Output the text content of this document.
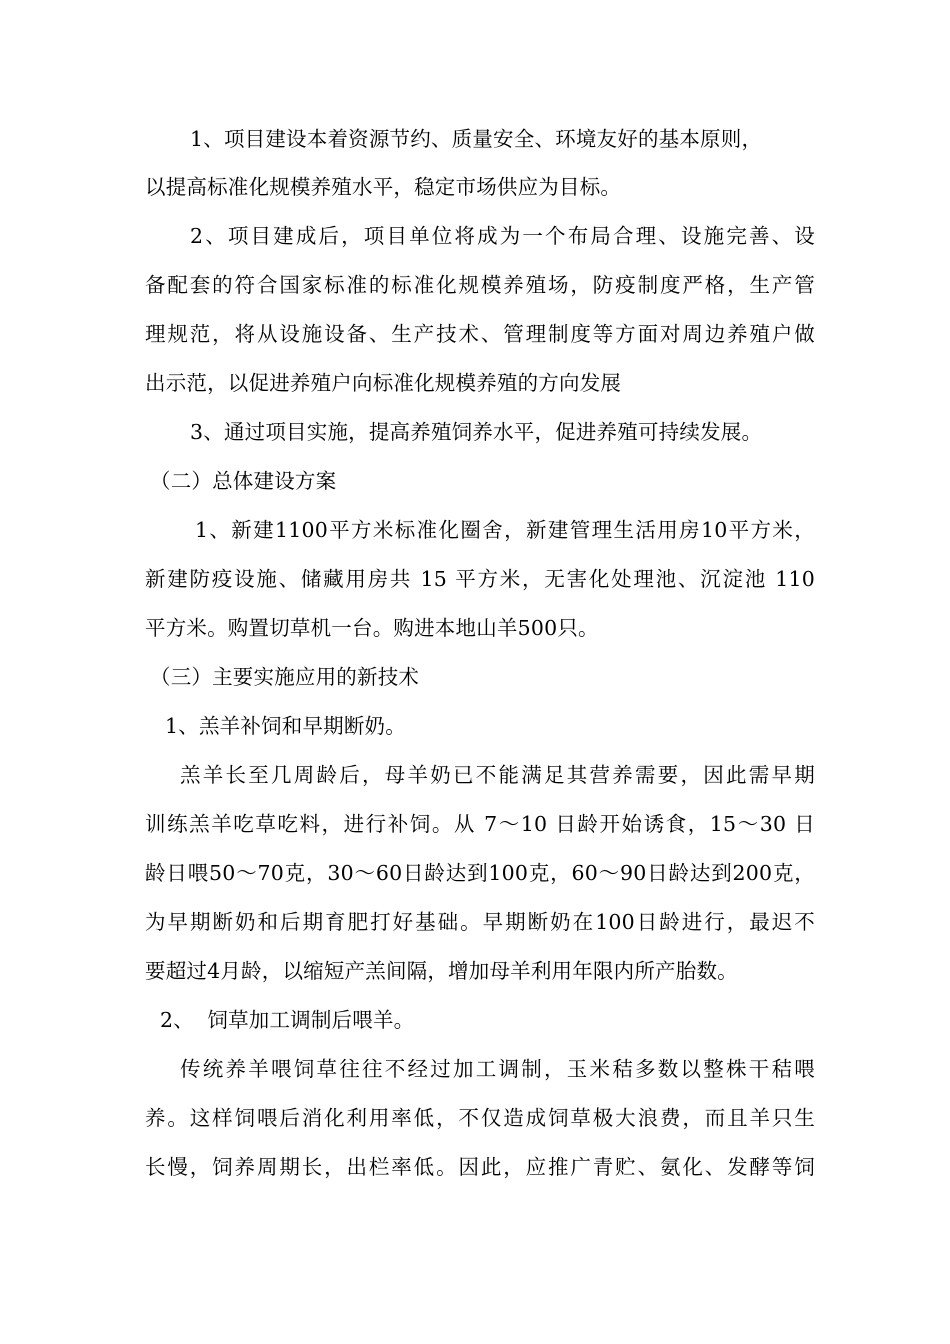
1、项目建设本着资源节约、质量安全、环境友好的基本原则，
以提高标准化规模养殖水平，稳定市场供应为目标。
2、项目建成后，项目单位将成为一个布局合理、设施完善、设
备配套的符合国家标准的标准化规模养殖场，防疫制度严格，生产管
理规范，将从设施设备、生产技术、管理制度等方面对周边养殖户做
出示范，以促进养殖户向标准化规模养殖的方向发展
3、通过项目实施，提高养殖饲养水平，促进养殖可持续发展。
（二）总体建设方案
1、新建1100平方米标准化圈舍，新建管理生活用房10平方米，
新建防疫设施、储藏用房共 15 平方米，无害化处理池、沉淀池 110
平方米。购置切草机一台。购进本地山羊500只。
（三）主要实施应用的新技术
1、羔羊补饲和早期断奶。
羔羊长至几周龄后，母羊奶已不能满足其营养需要，因此需早期
训练羔羊吃草吃料，进行补饲。从 7～10 日龄开始诱食，15～30 日
龄日喂50～70克，30～60日龄达到100克，60～90日龄达到200克，
为早期断奶和后期育肥打好基础。早期断奶在100日龄进行，最迟不
要超过4月龄，以缩短产羔间隔，增加母羊利用年限内所产胎数。
2、  饲草加工调制后喂羊。
传统养羊喂饲草往往不经过加工调制，玉米秸多数以整株干秸喂
养。这样饲喂后消化利用率低，不仅造成饲草极大浪费，而且羊只生
长慢，饲养周期长，出栏率低。因此，应推广青贮、氨化、发酵等饲
